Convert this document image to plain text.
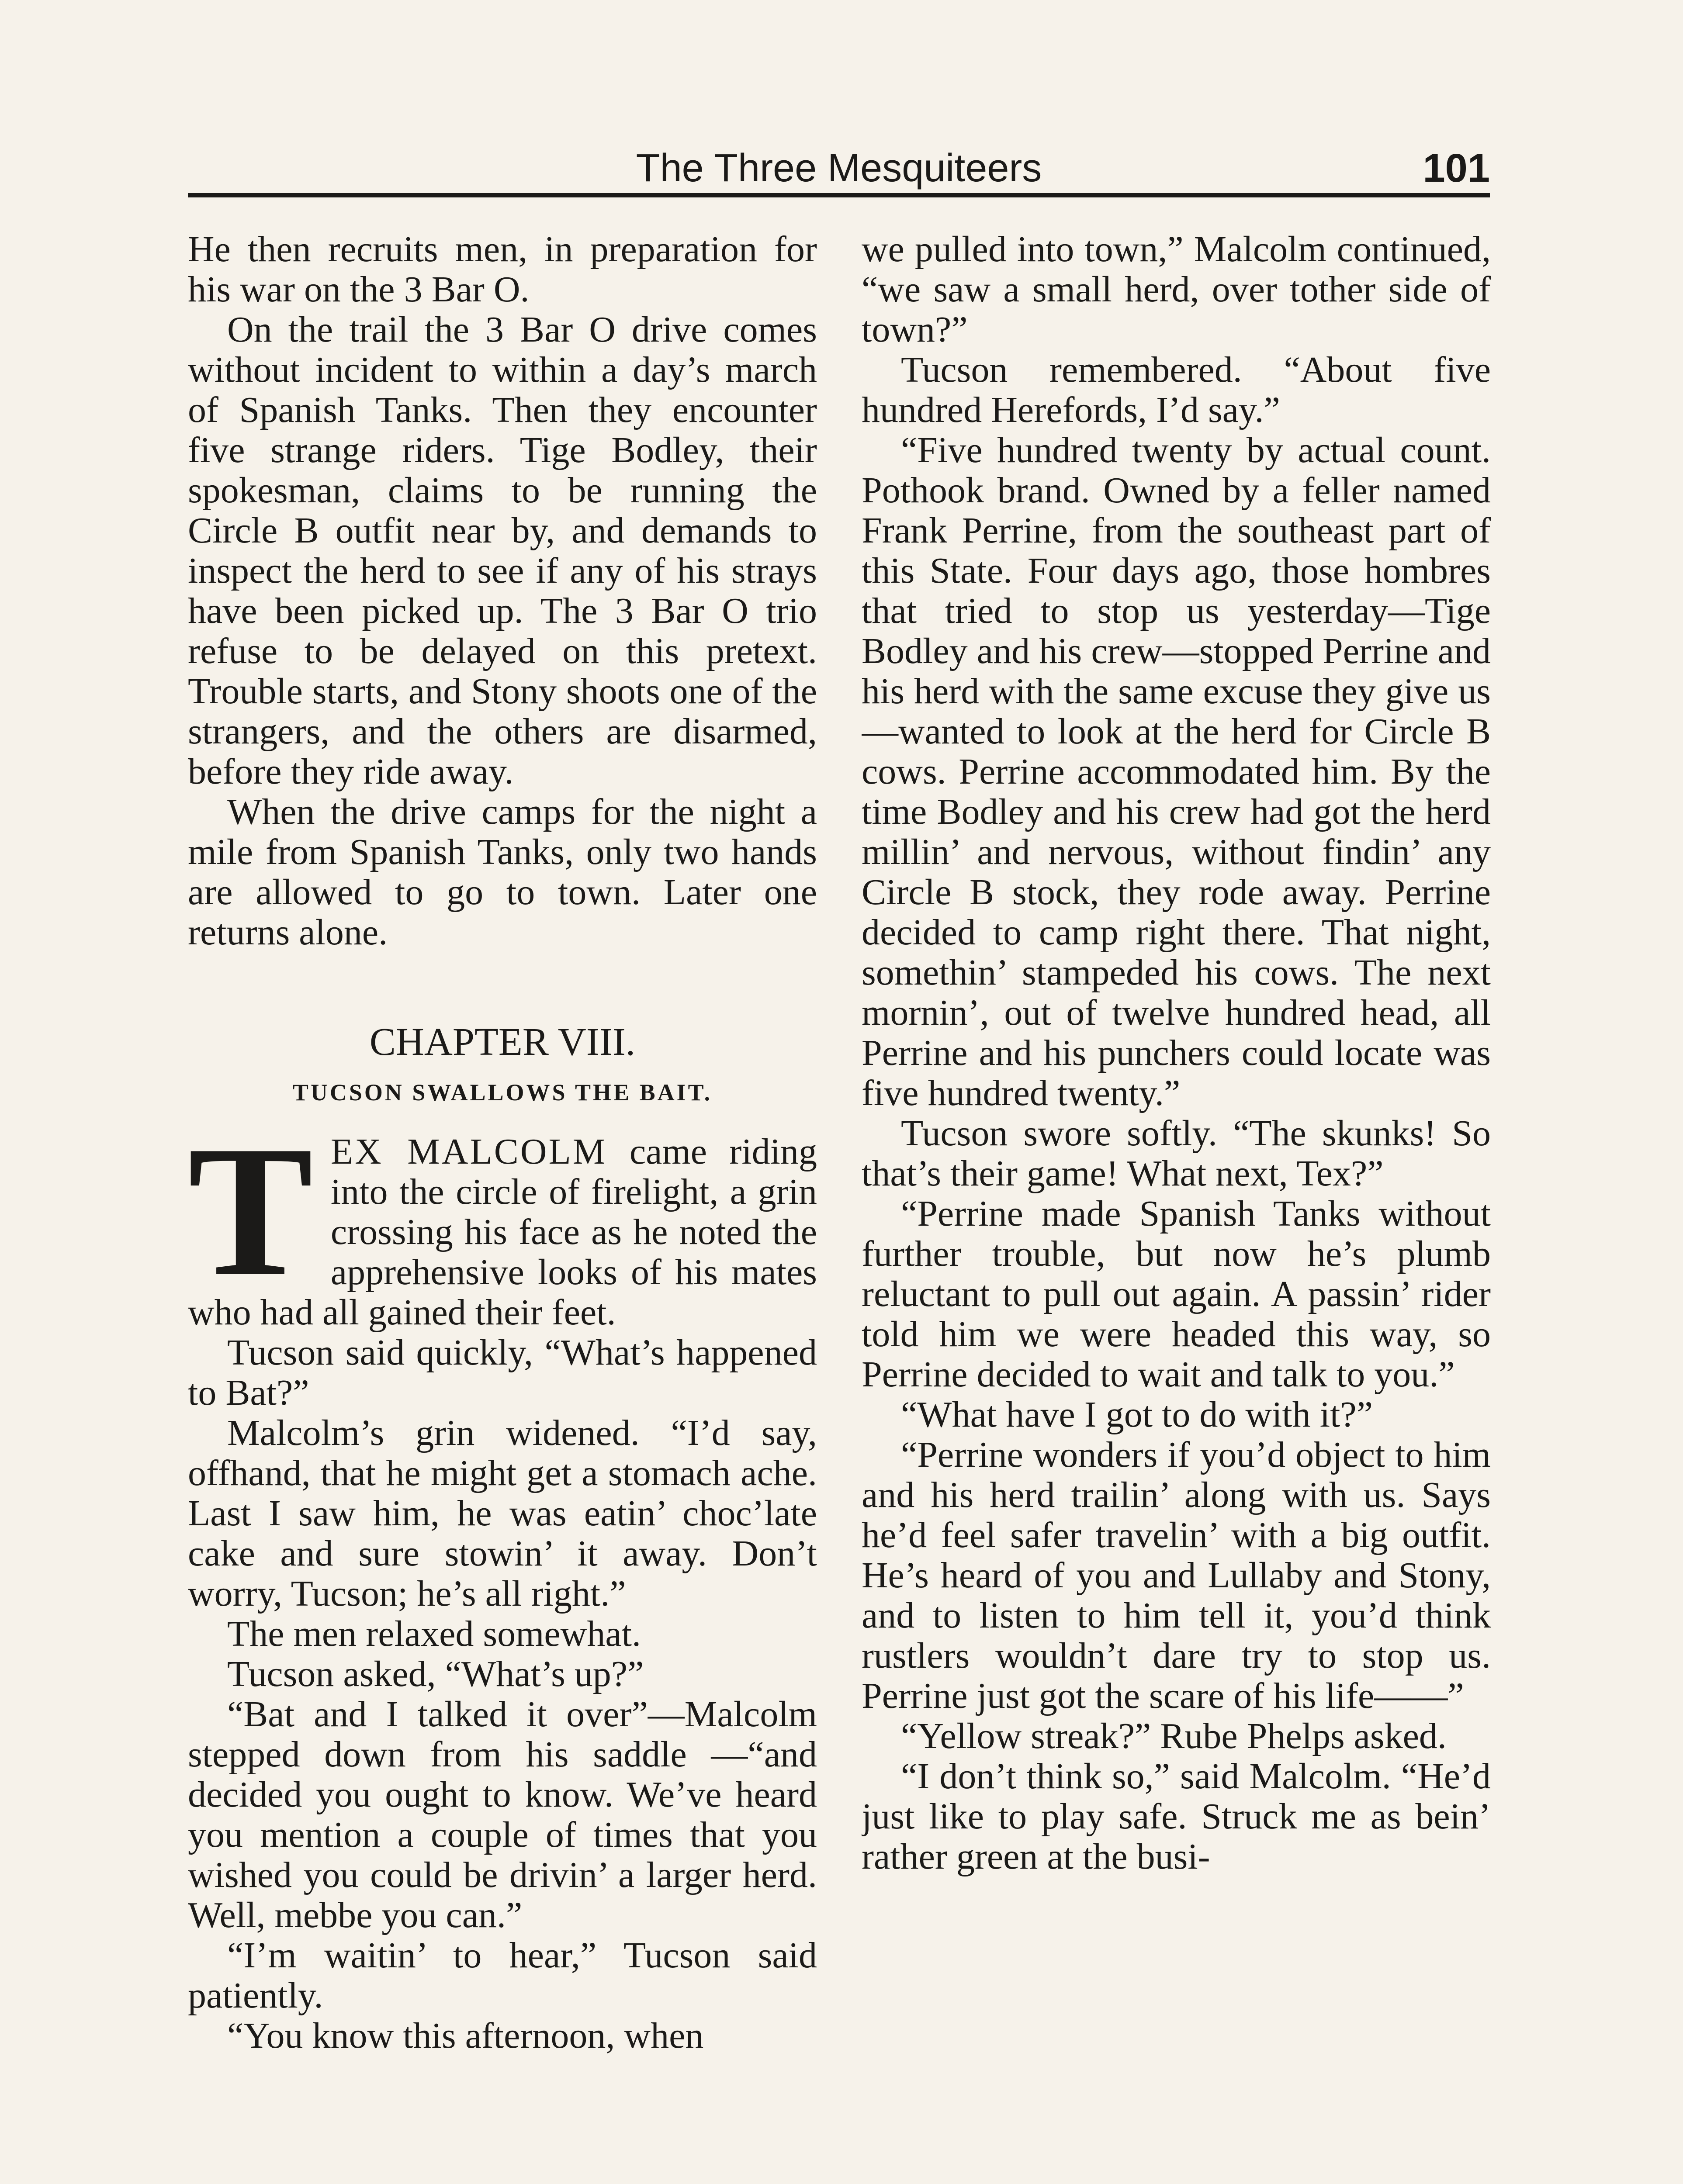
The Three Mesquiteers	101

He then recruits men, in preparation for his war on the 3 Bar O.

On the trail the 3 Bar O drive comes without incident to within a day’s march of Spanish Tanks. Then they encounter five strange riders. Tige Bodley, their spokesman, claims to be running the Circle B outfit near by, and demands to inspect the herd to see if any of his strays have been picked up. The 3 Bar O trio refuse to be delayed on this pretext. Trouble starts, and Stony shoots one of the strangers, and the others are disarmed, before they ride away.

When the drive camps for the night a mile from Spanish Tanks, only two hands are allowed to go to town. Later one returns alone.

CHAPTER VIII.
TUCSON SWALLOWS THE BAIT.

TEX MALCOLM came riding into the circle of firelight, a grin crossing his face as he noted the apprehensive looks of his mates who had all gained their feet.

Tucson said quickly, “What’s happened to Bat?”

Malcolm’s grin widened. “I’d say, offhand, that he might get a stomach ache. Last I saw him, he was eatin’ choc’late cake and sure stowin’ it away. Don’t worry, Tucson; he’s all right.”

The men relaxed somewhat.

Tucson asked, “What’s up?”

“Bat and I talked it over”—Malcolm stepped down from his saddle —“and decided you ought to know. We’ve heard you mention a couple of times that you wished you could be drivin’ a larger herd. Well, mebbe you can.”

“I’m waitin’ to hear,” Tucson said patiently.

“You know this afternoon, when

we pulled into town,” Malcolm continued, “we saw a small herd, over tother side of town?”

Tucson remembered. “About five hundred Herefords, I’d say.”

“Five hundred twenty by actual count. Pothook brand. Owned by a feller named Frank Perrine, from the southeast part of this State. Four days ago, those hombres that tried to stop us yesterday—Tige Bodley and his crew—stopped Perrine and his herd with the same excuse they give us—wanted to look at the herd for Circle B cows. Perrine accommodated him. By the time Bodley and his crew had got the herd millin’ and nervous, without findin’ any Circle B stock, they rode away. Perrine decided to camp right there. That night, somethin’ stampeded his cows. The next mornin’, out of twelve hundred head, all Perrine and his punchers could locate was five hundred twenty.”

Tucson swore softly. “The skunks! So that’s their game! What next, Tex?”

“Perrine made Spanish Tanks without further trouble, but now he’s plumb reluctant to pull out again. A passin’ rider told him we were headed this way, so Perrine decided to wait and talk to you.”

“What have I got to do with it?”

“Perrine wonders if you’d object to him and his herd trailin’ along with us. Says he’d feel safer travelin’ with a big outfit. He’s heard of you and Lullaby and Stony, and to listen to him tell it, you’d think rustlers wouldn’t dare try to stop us. Perrine just got the scare of his life——”

“Yellow streak?” Rube Phelps asked.

“I don’t think so,” said Malcolm. “He’d just like to play safe. Struck me as bein’ rather green at the busi-
